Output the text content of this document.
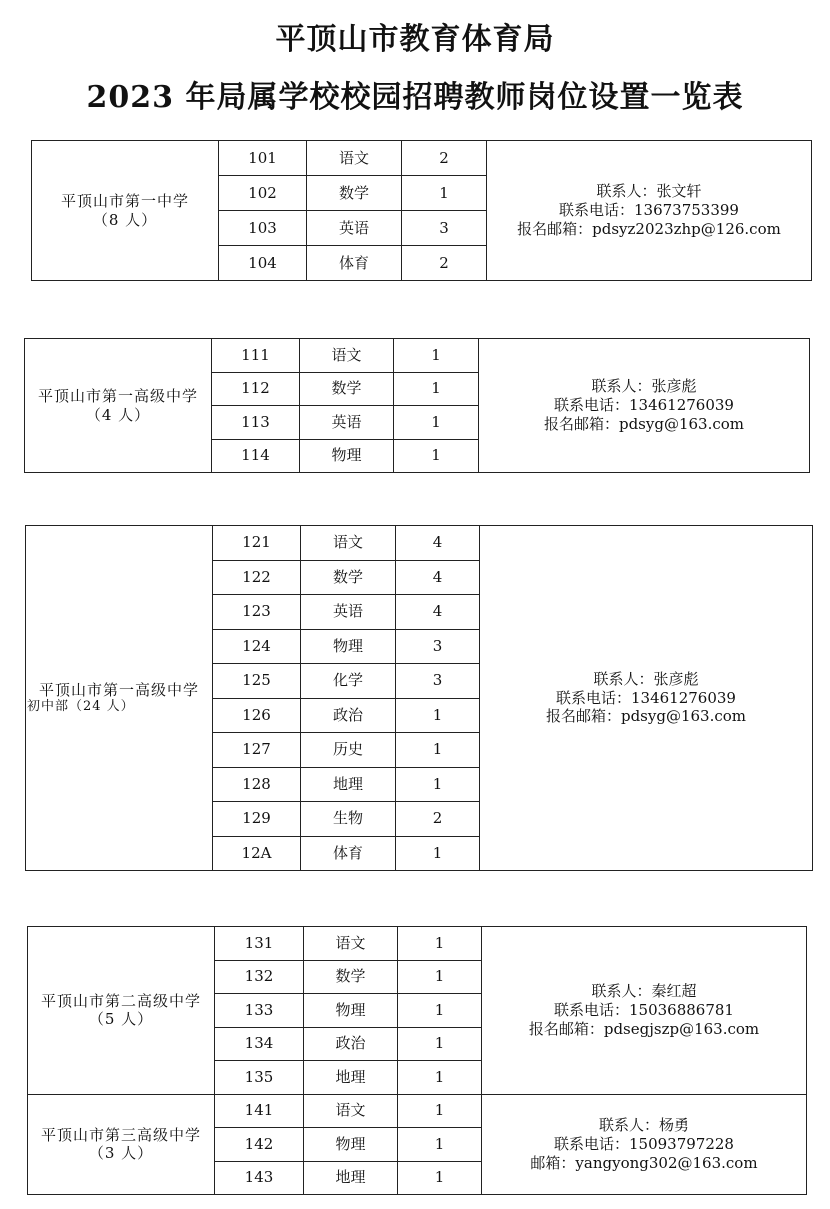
平顶山市教育体育局
2023 年局属学校校园招聘教师岗位设置一览表
平顶山市第一中学
（8 人）	101	语文	2	联系人：张文轩
联系电话：13673753399
报名邮箱：pdsyz2023zhp@126.com

	102	数学	1	
	103	英语	3	
	104	体育	2	
平顶山市第一高级中学
（4 人）	111	语文	1	联系人：张彦彪
联系电话：13461276039
报名邮箱：pdsyg@163.com

	112	数学	1	
	113	英语	1	
	114	物理	1	
平顶山市第一高级中学
初中部（24 人）	121	语文	4	联系人：张彦彪
联系电话：13461276039
报名邮箱：pdsyg@163.com

	122	数学	4	
	123	英语	4	
	124	物理	3	
	125	化学	3	
	126	政治	1	
	127	历史	1	
	128	地理	1	
	129	生物	2	
	12A	体育	1	
平顶山市第二高级中学
（5 人）	131	语文	1	联系人：秦红超
联系电话：15036886781
报名邮箱：pdsegjszp@163.com

	132	数学	1	
	133	物理	1	
	134	政治	1	
	135	地理	1	

平顶山市第三高级中学
（3 人）	141	语文	1	联系人：杨勇
联系电话：15093797228
邮箱：yangyong302@163.com

	142	物理	1	
	143	地理	1	
